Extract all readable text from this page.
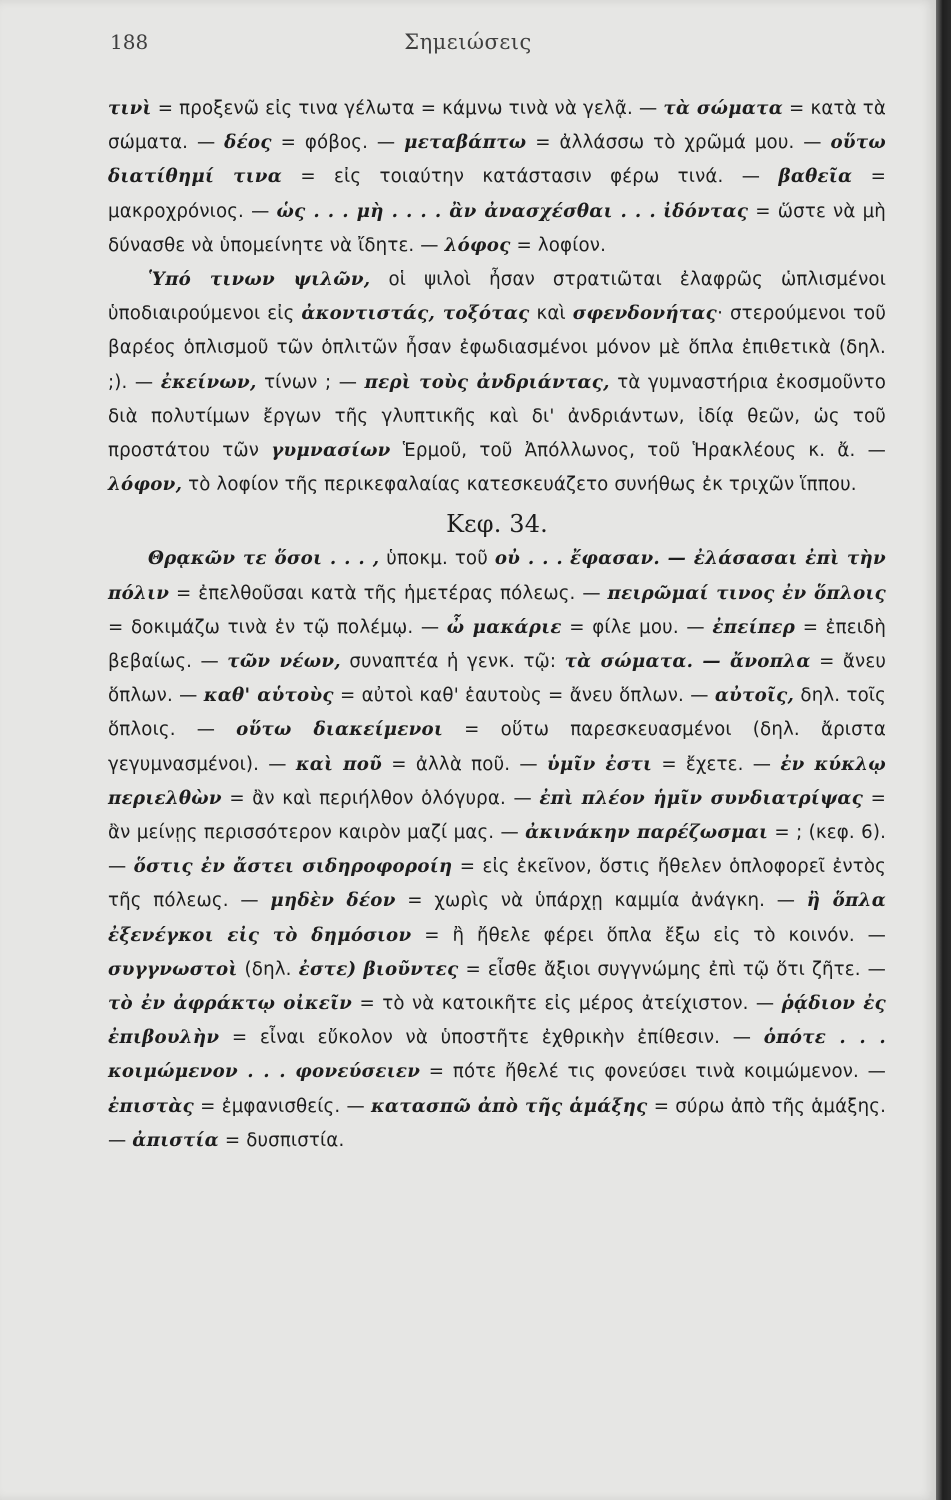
188	Σημειώσεις

τινὶ = προξενῶ εἰς τινα γέλωτα = κάμνω τινὰ νὰ γελᾷ. — τὰ σώματα = κατὰ τὰ σώματα. — δέος = φόβος. — μεταβάπτω = ἀλλάσσω τὸ χρῶμά μου. — οὕτω διατίθημί τινα = εἰς τοιαύτην κατάστασιν φέρω τινά. — βαθεῖα = μακροχρόνιος. — ὡς . . . μὴ . . . . ἂν ἀνασχέσθαι . . . ἰδόντας = ὥστε νὰ μὴ δύνασθε νὰ ὑπομείνητε νὰ ἴδητε. — λόφος = λοφίον.

Ὑπό τινων ψιλῶν, οἱ ψιλοὶ ἦσαν στρατιῶται ἐλαφρῶς ὡπλισμένοι ὑποδιαιρούμενοι εἰς ἀκοντιστάς, τοξότας καὶ σφενδονήτας· στερούμενοι τοῦ βαρέος ὁπλισμοῦ τῶν ὁπλιτῶν ἦσαν ἐφωδιασμένοι μόνον μὲ ὅπλα ἐπιθετικὰ (δηλ. ;). — ἐκείνων, τίνων ; — περὶ τοὺς ἀνδριάντας, τὰ γυμναστήρια ἐκοσμοῦντο διὰ πολυτίμων ἔργων τῆς γλυπτικῆς καὶ δι' ἀνδριάντων, ἰδίᾳ θεῶν, ὡς τοῦ προστάτου τῶν γυμνασίων Ἑρμοῦ, τοῦ Ἀπόλλωνος, τοῦ Ἡρακλέους κ. ἄ. — λόφον, τὸ λοφίον τῆς περικεφαλαίας κατεσκευάζετο συνήθως ἐκ τριχῶν ἵππου.

Κεφ. 34.

Θρᾳκῶν τε ὅσοι . . . , ὑποκμ. τοῦ οὐ . . . ἔφασαν. — ἐλάσασαι ἐπὶ τὴν πόλιν = ἐπελθοῦσαι κατὰ τῆς ἡμετέρας πόλεως. — πειρῶμαί τινος ἐν ὅπλοις = δοκιμάζω τινὰ ἐν τῷ πολέμῳ. — ὦ μακάριε = φίλε μου. — ἐπείπερ = ἐπειδὴ βεβαίως. — τῶν νέων, συναπτέα ἡ γενκ. τῷ: τὰ σώματα. — ἄνοπλα = ἄνευ ὅπλων. — καθ' αὑτοὺς = αὐτοὶ καθ' ἑαυτοὺς = ἄνευ ὅπλων. — αὐτοῖς, δηλ. τοῖς ὅπλοις. — οὕτω διακείμενοι = οὕτω παρεσκευασμένοι (δηλ. ἄριστα γεγυμνασμένοι). — καὶ ποῦ = ἀλλὰ ποῦ. — ὑμῖν ἐστι = ἔχετε. — ἐν κύκλῳ περιελθὼν = ἂν καὶ περιήλθον ὁλόγυρα. — ἐπὶ πλέον ἡμῖν συνδιατρίψας = ἂν μείνῃς περισσότερον καιρὸν μαζί μας. — ἀκινάκην παρέζωσμαι = ; (κεφ. 6). — ὅστις ἐν ἄστει σιδηροφοροίη = εἰς ἐκεῖνον, ὅστις ἤθελεν ὁπλοφορεῖ ἐντὸς τῆς πόλεως. — μηδὲν δέον = χωρὶς νὰ ὑπάρχῃ καμμία ἀνάγκη. — ἢ ὅπλα ἐξενέγκοι εἰς τὸ δημόσιον = ἢ ἤθελε φέρει ὅπλα ἔξω εἰς τὸ κοινόν. — συγγνωστοὶ (δηλ. ἐστε) βιοῦντες = εἶσθε ἄξιοι συγγνώμης ἐπὶ τῷ ὅτι ζῆτε. — τὸ ἐν ἀφράκτῳ οἰκεῖν = τὸ νὰ κατοικῆτε εἰς μέρος ἀτείχιστον. — ῥᾴδιον ἐς ἐπιβουλὴν = εἶναι εὔκολον νὰ ὑποστῆτε ἐχθρικὴν ἐπίθεσιν. — ὁπότε . . . κοιμώμενον . . . φονεύσειεν = πότε ἤθελέ τις φονεύσει τινὰ κοιμώμενον. — ἐπιστὰς = ἐμφανισθείς. — κατασπῶ ἀπὸ τῆς ἁμάξης = σύρω ἀπὸ τῆς ἁμάξης. — ἀπιστία = δυσπιστία.
